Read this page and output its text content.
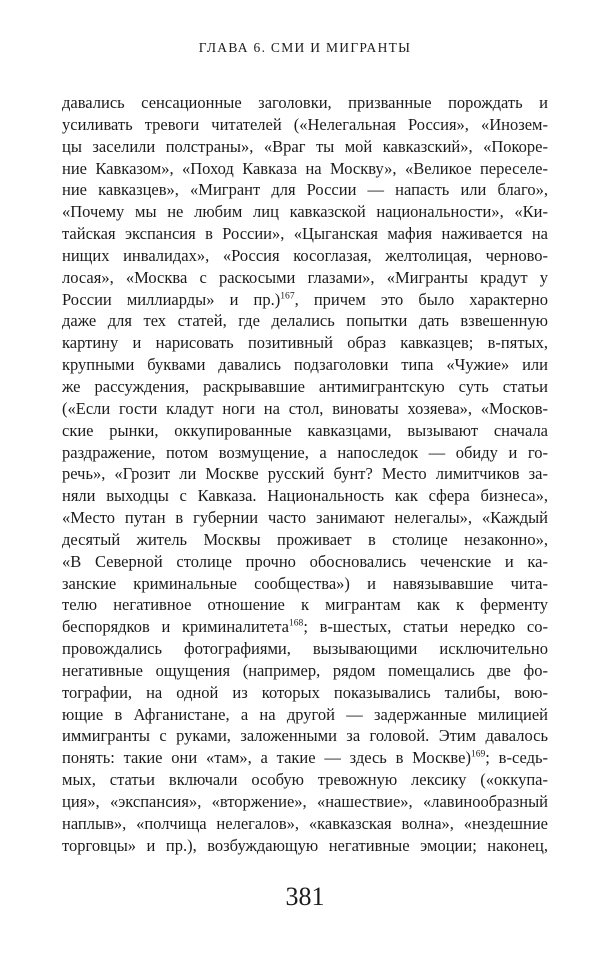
ГЛАВА 6. СМИ И МИГРАНТЫ
давались сенсационные заголовки, призванные порождать и
усиливать тревоги читателей («Нелегальная Россия», «Инозем-
цы заселили полстраны», «Враг ты мой кавказский», «Покоре-
ние Кавказом», «Поход Кавказа на Москву», «Великое переселе-
ние кавказцев», «Мигрант для России — напасть или благо»,
«Почему мы не любим лиц кавказской национальности», «Ки-
тайская экспансия в России», «Цыганская мафия наживается на
нищих инвалидах», «Россия косоглазая, желтолицая, черново-
лосая», «Москва с раскосыми глазами», «Мигранты крадут у
России миллиарды» и пр.)$^{167}$, причем это было характерно
даже для тех статей, где делались попытки дать взвешенную
картину и нарисовать позитивный образ кавказцев; в-пятых,
крупными буквами давались подзаголовки типа «Чужие» или
же рассуждения, раскрывавшие антимигрантскую суть статьи
(«Если гости кладут ноги на стол, виноваты хозяева», «Москов-
ские рынки, оккупированные кавказцами, вызывают сначала
раздражение, потом возмущение, а напоследок — обиду и го-
речь», «Грозит ли Москве русский бунт? Место лимитчиков за-
няли выходцы с Кавказа. Национальность как сфера бизнеса»,
«Место путан в губернии часто занимают нелегалы», «Каждый
десятый житель Москвы проживает в столице незаконно»,
«В Северной столице прочно обосновались чеченские и ка-
занские криминальные сообщества») и навязывавшие чита-
телю негативное отношение к мигрантам как к ферменту
беспорядков и криминалитета$^{168}$; в-шестых, статьи нередко со-
провождались фотографиями, вызывающими исключительно
негативные ощущения (например, рядом помещались две фо-
тографии, на одной из которых показывались талибы, вою-
ющие в Афганистане, а на другой — задержанные милицией
иммигранты с руками, заложенными за головой. Этим давалось
понять: такие они «там», а такие — здесь в Москве)$^{169}$; в-седь-
мых, статьи включали особую тревожную лексику («оккупа-
ция», «экспансия», «вторжение», «нашествие», «лавинообразный
наплыв», «полчища нелегалов», «кавказская волна», «нездешние
торговцы» и пр.), возбуждающую негативные эмоции; наконец,
381
